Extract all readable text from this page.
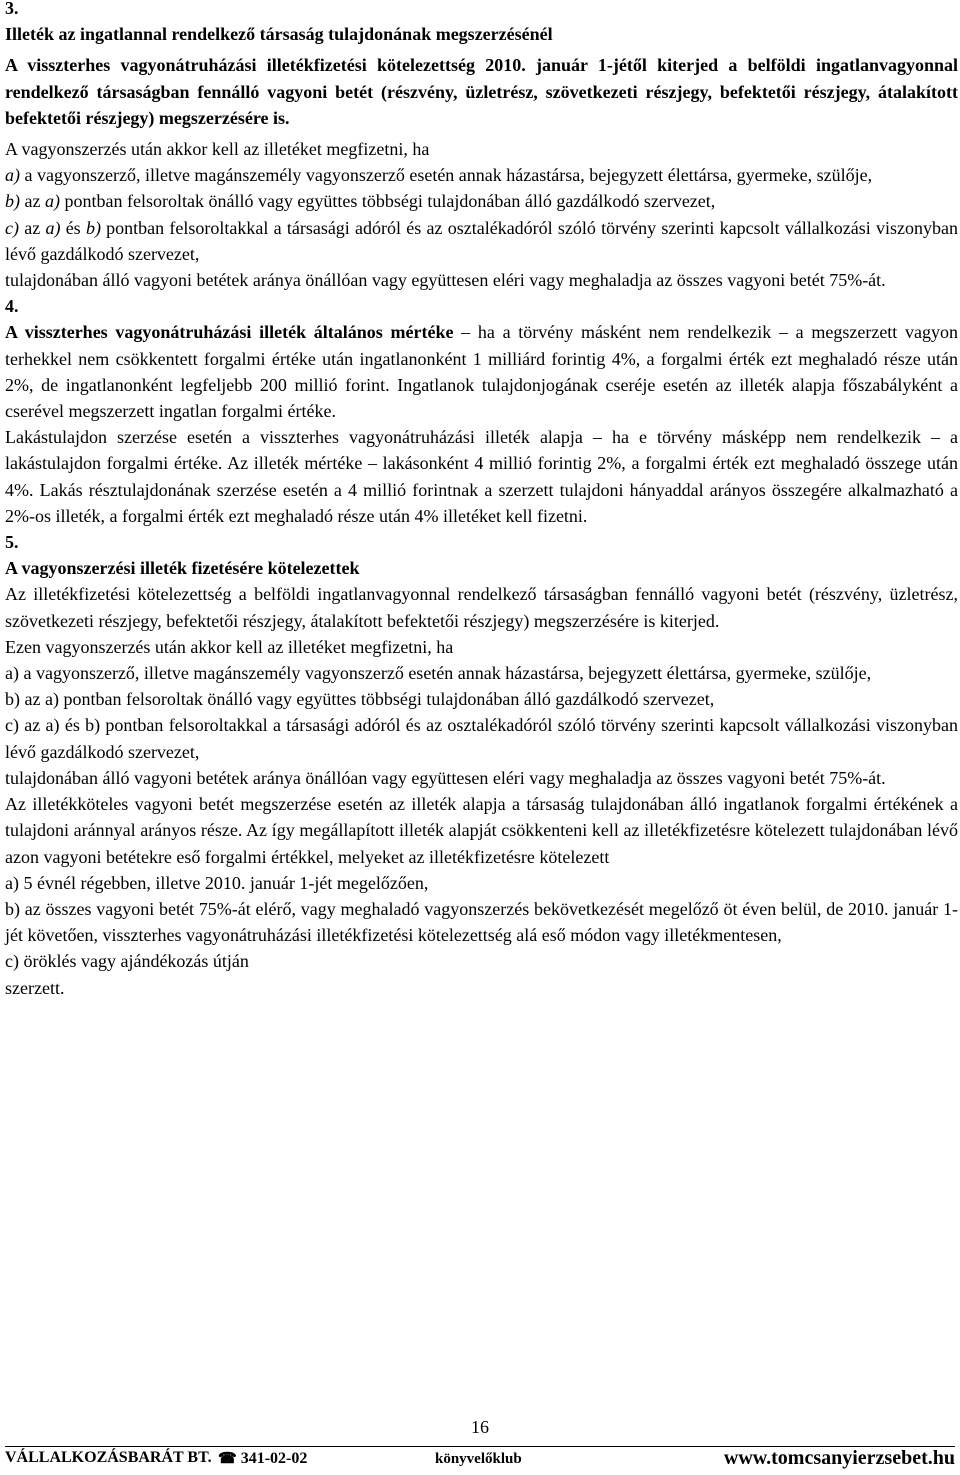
3.

Illeték az ingatlannal rendelkező társaság tulajdonának megszerzésénél

A visszterhes vagyonátruházási illetékfizetési kötelezettség 2010. január 1-jétől kiterjed a belföldi ingatlanvagyonnal rendelkező társaságban fennálló vagyoni betét (részvény, üzletrész, szövetkezeti részjegy, befektetői részjegy, átalakított befektetői részjegy) megszerzésére is.

A vagyonszerzés után akkor kell az illetéket megfizetni, ha

a) a vagyonszerző, illetve magánszemély vagyonszerző esetén annak házastársa, bejegyzett élettársa, gyermeke, szülője,

b) az a) pontban felsoroltak önálló vagy együttes többségi tulajdonában álló gazdálkodó szervezet,

c) az a) és b) pontban felsoroltakkal a társasági adóról és az osztalékadóról szóló törvény szerinti kapcsolt vállalkozási viszonyban lévő gazdálkodó szervezet,

tulajdonában álló vagyoni betétek aránya önállóan vagy együttesen eléri vagy meghaladja az összes vagyoni betét 75%-át.

4.

A visszterhes vagyonátruházási illeték általános mértéke – ha a törvény másként nem rendelkezik – a megszerzett vagyon terhekkel nem csökkentett forgalmi értéke után ingatlanonként 1 milliárd forintig 4%, a forgalmi érték ezt meghaladó része után 2%, de ingatlanonként legfeljebb 200 millió forint. Ingatlanok tulajdonjogának cseréje esetén az illeték alapja főszabályként a cserével megszerzett ingatlan forgalmi értéke.

Lakástulajdon szerzése esetén a visszterhes vagyonátruházási illeték alapja – ha e törvény másképp nem rendelkezik – a lakástulajdon forgalmi értéke. Az illeték mértéke – lakásonként 4 millió forintig 2%, a forgalmi érték ezt meghaladó összege után 4%. Lakás résztulajdonának szerzése esetén a 4 millió forintnak a szerzett tulajdoni hányaddal arányos összegére alkalmazható a 2%-os illeték, a forgalmi érték ezt meghaladó része után 4% illetéket kell fizetni.

5.

A vagyonszerzési illeték fizetésére kötelezettek

Az illetékfizetési kötelezettség a belföldi ingatlanvagyonnal rendelkező társaságban fennálló vagyoni betét (részvény, üzletrész, szövetkezeti részjegy, befektetői részjegy, átalakított befektetői részjegy) megszerzésére is kiterjed.

Ezen vagyonszerzés után akkor kell az illetéket megfizetni, ha

a) a vagyonszerző, illetve magánszemély vagyonszerző esetén annak házastársa, bejegyzett élettársa, gyermeke, szülője,

b) az a) pontban felsoroltak önálló vagy együttes többségi tulajdonában álló gazdálkodó szervezet,

c) az a) és b) pontban felsoroltakkal a társasági adóról és az osztalékadóról szóló törvény szerinti kapcsolt vállalkozási viszonyban lévő gazdálkodó szervezet,

tulajdonában álló vagyoni betétek aránya önállóan vagy együttesen eléri vagy meghaladja az összes vagyoni betét 75%-át.

Az illetékköteles vagyoni betét megszerzése esetén az illeték alapja a társaság tulajdonában álló ingatlanok forgalmi értékének a tulajdoni aránnyal arányos része. Az így megállapított illeték alapját csökkenteni kell az illetékfizetésre kötelezett tulajdonában lévő azon vagyoni betétekre eső forgalmi értékkel, melyeket az illetékfizetésre kötelezett

a) 5 évnél régebben, illetve 2010. január 1-jét megelőzően,

b) az összes vagyoni betét 75%-át elérő, vagy meghaladó vagyonszerzés bekövetkezését megelőző öt éven belül, de 2010. január 1-jét követően, visszterhes vagyonátruházási illetékfizetési kötelezettség alá eső módon vagy illetékmentesen,

c) öröklés vagy ajándékozás útján

szerzett.

16
VÁLLALKOZÁSBARÁT BT. ☎ 341-02-02	könyvelőklub	www.tomcsanyierzsebet.hu
